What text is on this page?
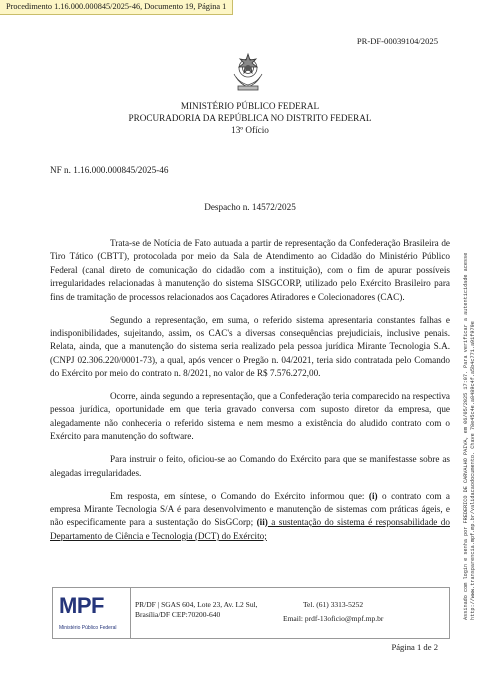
Procedimento 1.16.000.000845/2025-46, Documento 19, Página 1
PR-DF-00039104/2025
MINISTÉRIO PÚBLICO FEDERAL
PROCURADORIA DA REPÚBLICA NO DISTRITO FEDERAL
13º Ofício
NF n. 1.16.000.000845/2025-46
Despacho n. 14572/2025

Trata-se de Notícia de Fato autuada a partir de representação da Confederação Brasileira de Tiro Tático (CBTT), protocolada por meio da Sala de Atendimento ao Cidadão do Ministério Público Federal (canal direto de comunicação do cidadão com a instituição), com o fim de apurar possíveis irregularidades relacionadas à manutenção do sistema SISGCORP, utilizado pelo Exército Brasileiro para fins de tramitação de processos relacionados aos Caçadores Atiradores e Colecionadores (CAC).

Segundo a representação, em suma, o referido sistema apresentaria constantes falhas e indisponibilidades, sujeitando, assim, os CAC's a diversas consequências prejudiciais, inclusive penais. Relata, ainda, que a manutenção do sistema seria realizado pela pessoa jurídica Mirante Tecnologia S.A. (CNPJ 02.306.220/0001-73), a qual, após vencer o Pregão n. 04/2021, teria sido contratada pelo Comando do Exército por meio do contrato n. 8/2021, no valor de R$ 7.576.272,00.

Ocorre, ainda segundo a representação, que a Confederação teria comparecido na respectiva pessoa jurídica, oportunidade em que teria gravado conversa com suposto diretor da empresa, que alegadamente não conheceria o referido sistema e nem mesmo a existência do aludido contrato com o Exército para manutenção do software.

Para instruir o feito, oficiou-se ao Comando do Exército para que se manifestasse sobre as alegadas irregularidades.

Em resposta, em síntese, o Comando do Exército informou que: (i) o contrato com a empresa Mirante Tecnologia S/A é para desenvolvimento e manutenção de sistemas com práticas ágeis, e não especificamente para a sustentação do SisGCorp; (ii) a sustentação do sistema é responsabilidade do Departamento de Ciência e Tecnologia (DCT) do Exército;

MPF
Ministério Público Federal
PR/DF | SGAS 604, Lote 23, Av. L2 Sul,
Brasília/DF CEP:70200-640
Tel. (61) 3313-5252
Email: prdf-13oficio@mpf.mp.br
Página 1 de 2
Assinado com login e senha por FREDERICO DE CARVALHO PAIVA, em 06/05/2025 17:07. Para verificar a autenticidade acesse http://www.transparencia.mpf.mp.br/validacaodocumento. Chave 78e45c4e.a8489c4f.a5b4c771.a91f979e
